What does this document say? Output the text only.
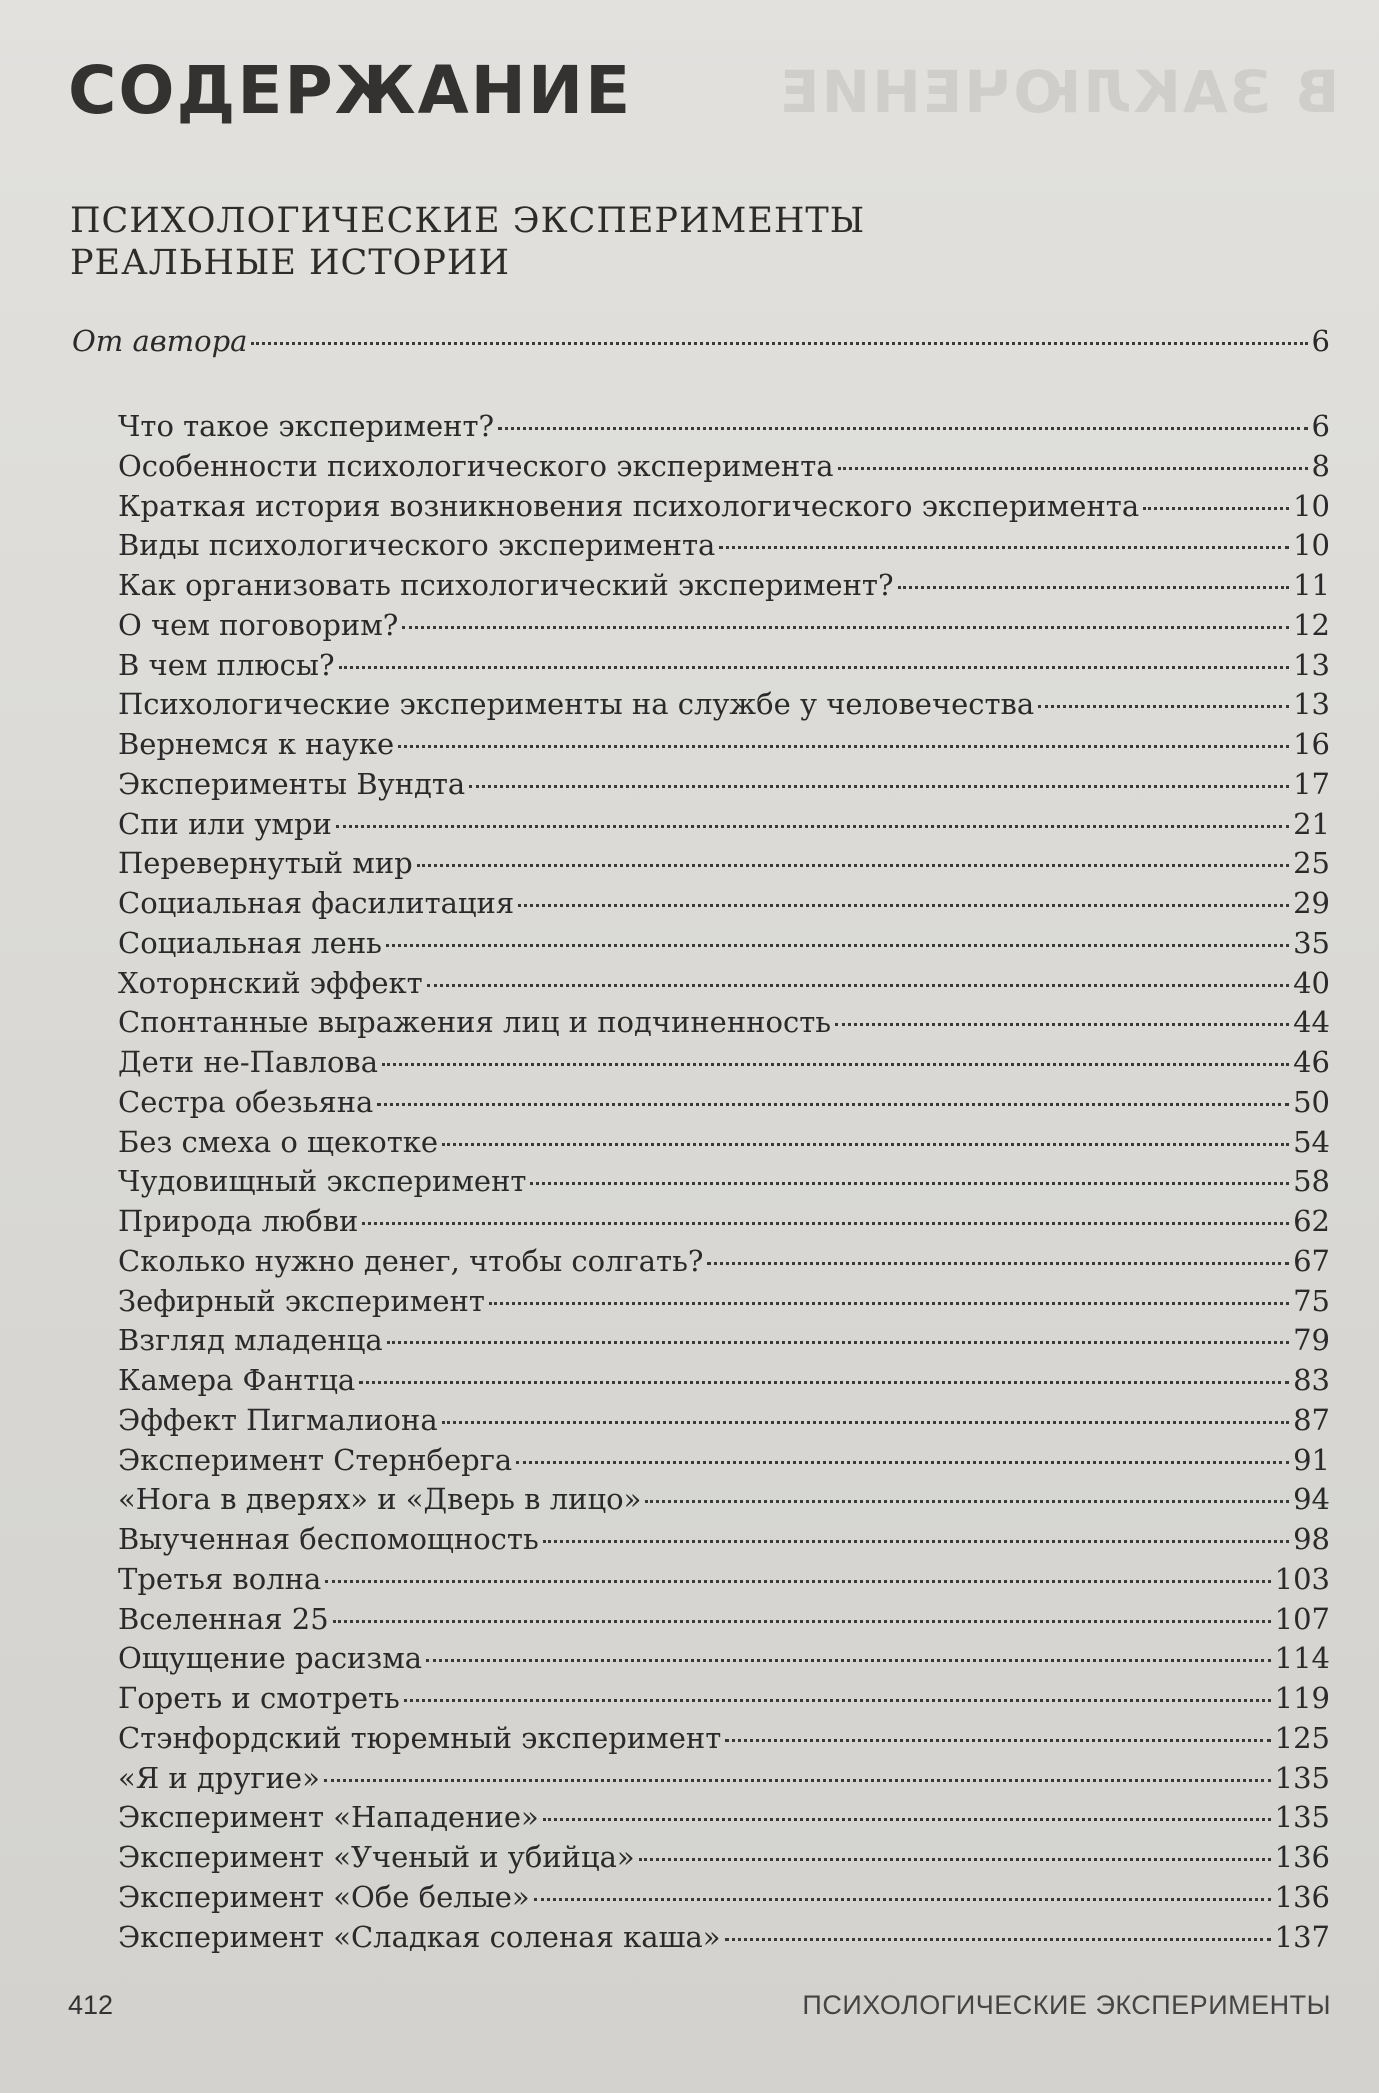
В ЗАКЛЮЧЕНИЕ
СОДЕРЖАНИЕ
ПСИХОЛОГИЧЕСКИЕ ЭКСПЕРИМЕНТЫ
РЕАЛЬНЫЕ ИСТОРИИ
От автора	6
Что такое эксперимент?	6
Особенности психологического эксперимента	8
Краткая история возникновения психологического эксперимента	10
Виды психологического эксперимента	10
Как организовать психологический эксперимент?	11
О чем поговорим?	12
В чем плюсы?	13
Психологические эксперименты на службе у человечества	13
Вернемся к науке	16
Эксперименты Вундта	17
Спи или умри	21
Перевернутый мир	25
Социальная фасилитация	29
Социальная лень	35
Хоторнский эффект	40
Спонтанные выражения лиц и подчиненность	44
Дети не-Павлова	46
Сестра обезьяна	50
Без смеха о щекотке	54
Чудовищный эксперимент	58
Природа любви	62
Сколько нужно денег, чтобы солгать?	67
Зефирный эксперимент	75
Взгляд младенца	79
Камера Фантца	83
Эффект Пигмалиона	87
Эксперимент Стернберга	91
«Нога в дверях» и «Дверь в лицо»	94
Выученная беспомощность	98
Третья волна	103
Вселенная 25	107
Ощущение расизма	114
Гореть и смотреть	119
Стэнфордский тюремный эксперимент	125
«Я и другие»	135
Эксперимент «Нападение»	135
Эксперимент «Ученый и убийца»	136
Эксперимент «Обе белые»	136
Эксперимент «Сладкая соленая каша»	137
412	ПСИХОЛОГИЧЕСКИЕ ЭКСПЕРИМЕНТЫ
